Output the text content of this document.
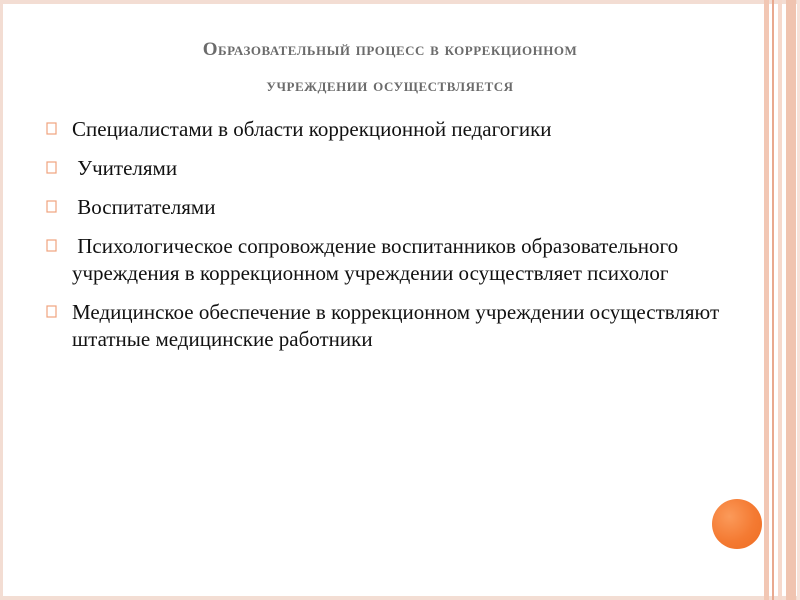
Образовательный процесс в коррекционном
учреждении осуществляется
Специалистами в области коррекционной педагогики
Учителями
Воспитателями
Психологическое сопровождение воспитанников образовательного учреждения в коррекционном учреждении осуществляет психолог
Медицинское обеспечение в коррекционном учреждении осуществляют штатные медицинские работники
